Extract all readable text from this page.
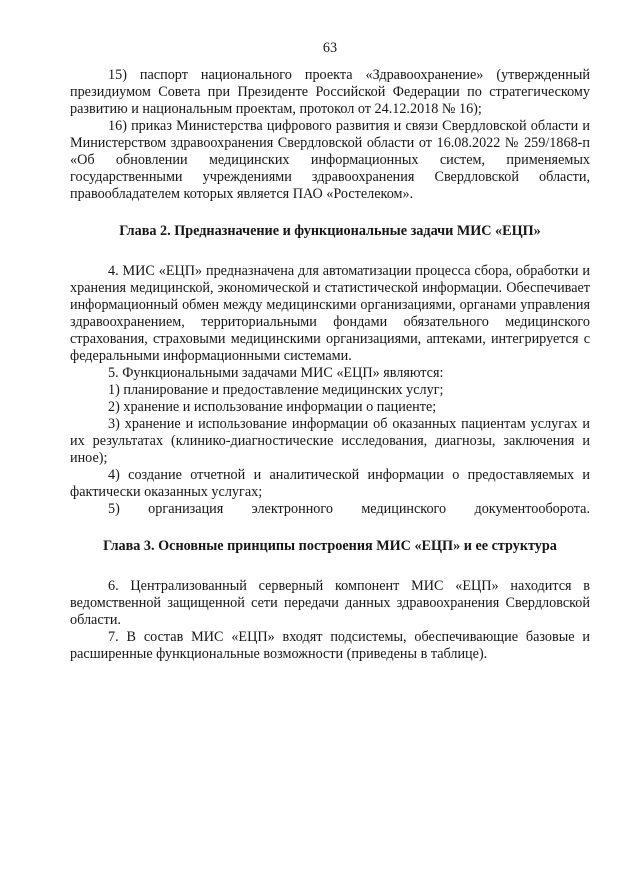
63

15) паспорт национального проекта «Здравоохранение» (утвержденный президиумом Совета при Президенте Российской Федерации по стратегическому развитию и национальным проектам, протокол от 24.12.2018 № 16);

16) приказ Министерства цифрового развития и связи Свердловской области и Министерством здравоохранения Свердловской области от 16.08.2022 № 259/1868-п «Об обновлении медицинских информационных систем, применяемых государственными учреждениями здравоохранения Свердловской области, правообладателем которых является ПАО «Ростелеком».

Глава 2. Предназначение и функциональные задачи МИС «ЕЦП»

4. МИС «ЕЦП» предназначена для автоматизации процесса сбора, обработки и хранения медицинской, экономической и статистической информации. Обеспечивает информационный обмен между медицинскими организациями, органами управления здравоохранением, территориальными фондами обязательного медицинского страхования, страховыми медицинскими организациями, аптеками, интегрируется с федеральными информационными системами.

5. Функциональными задачами МИС «ЕЦП» являются:

1) планирование и предоставление медицинских услуг;

2) хранение и использование информации о пациенте;

3) хранение и использование информации об оказанных пациентам услугах и их результатах (клинико-диагностические исследования, диагнозы, заключения и иное);

4) создание отчетной и аналитической информации о предоставляемых и фактически оказанных услугах;

5) организация электронного медицинского документооборота.

Глава 3. Основные принципы построения МИС «ЕЦП» и ее структура

6. Централизованный серверный компонент МИС «ЕЦП» находится в ведомственной защищенной сети передачи данных здравоохранения Свердловской области.

7. В состав МИС «ЕЦП» входят подсистемы, обеспечивающие базовые и расширенные функциональные возможности (приведены в таблице).
